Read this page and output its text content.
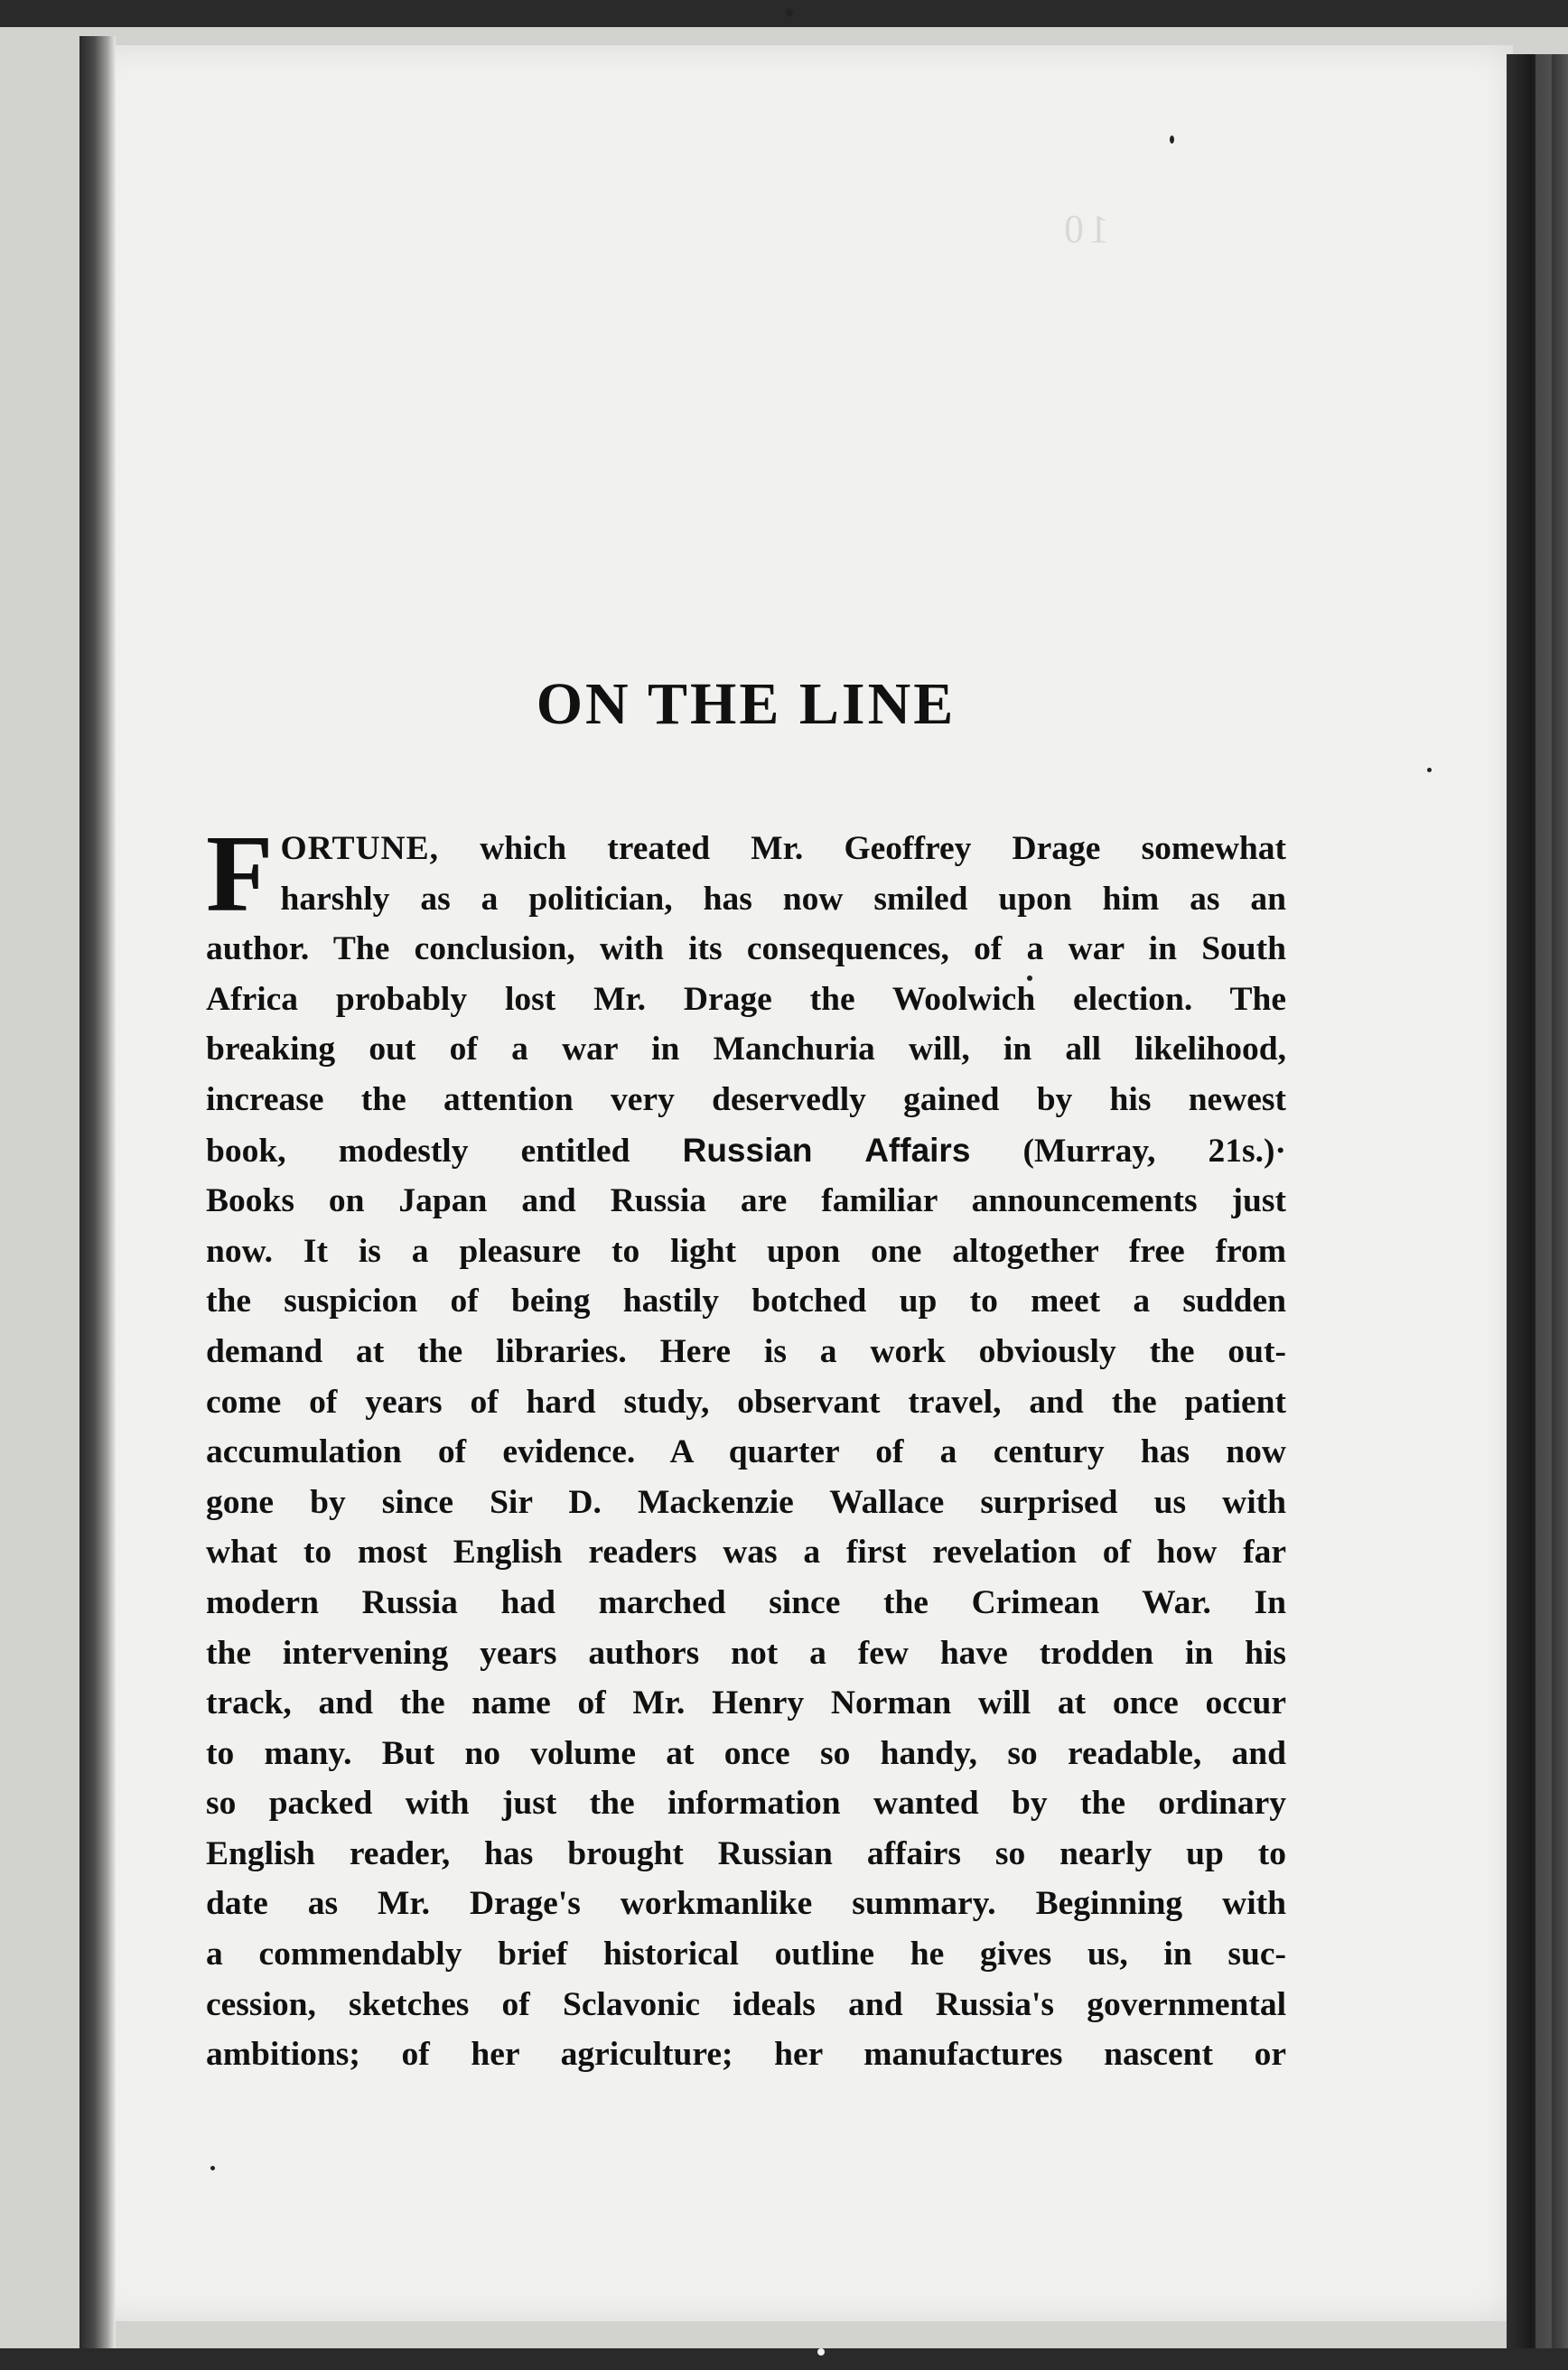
10

ON THE LINE
F ORTUNE, which treated Mr. Geoffrey Drage somewhat
harshly as a politician, has now smiled upon him as an
author. The conclusion, with its consequences, of a war in South
Africa probably lost Mr. Drage the Woolwich election. The
breaking out of a war in Manchuria will, in all likelihood,
increase the attention very deservedly gained by his newest
book, modestly entitled Russian Affairs (Murray, 21s.)·
Books on Japan and Russia are familiar announcements just
now. It is a pleasure to light upon one altogether free from
the suspicion of being hastily botched up to meet a sudden
demand at the libraries. Here is a work obviously the out-
come of years of hard study, observant travel, and the patient
accumulation of evidence. A quarter of a century has now
gone by since Sir D. Mackenzie Wallace surprised us with
what to most English readers was a first revelation of how far
modern Russia had marched since the Crimean War. In
the intervening years authors not a few have trodden in his
track, and the name of Mr. Henry Norman will at once occur
to many. But no volume at once so handy, so readable, and
so packed with just the information wanted by the ordinary
English reader, has brought Russian affairs so nearly up to
date as Mr. Drage's workmanlike summary. Beginning with
a commendably brief historical outline he gives us, in suc-
cession, sketches of Sclavonic ideals and Russia's governmental
ambitions; of her agriculture; her manufactures nascent or
